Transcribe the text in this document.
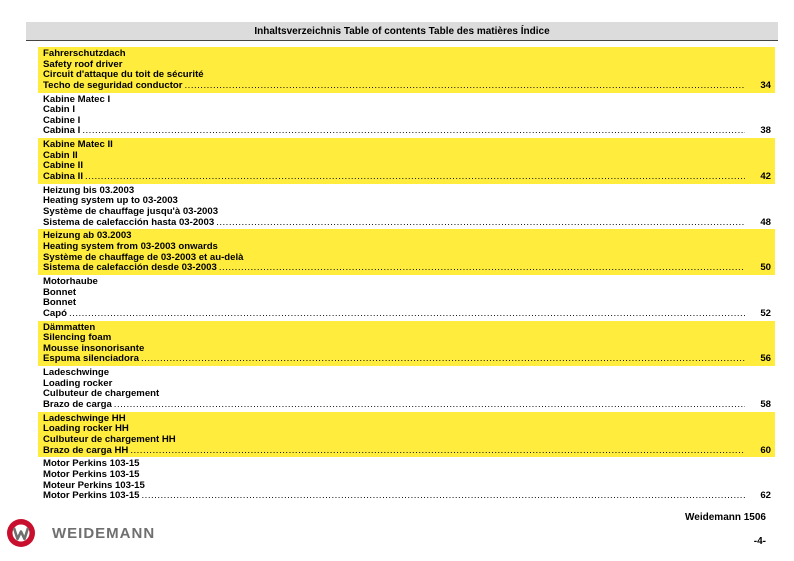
Inhaltsverzeichnis Table of contents Table des matières Índice
Fahrerschutzdach
Safety roof driver
Circuit d'attaque du toit de sécurité
Techo de seguridad conductor .....	34
Kabine Matec I
Cabin I
Cabine I
Cabina I .....	38
Kabine Matec II
Cabin II
Cabine II
Cabina II .....	42
Heizung bis 03.2003
Heating system up to 03-2003
Système de chauffage jusqu'à 03-2003
Sistema de calefacción hasta 03-2003 .....	48
Heizung ab 03.2003
Heating system from 03-2003 onwards
Système de chauffage de 03-2003 et au-delà
Sistema de calefacción desde 03-2003 .....	50
Motorhaube
Bonnet
Bonnet
Capó .....	52
Dämmatten
Silencing foam
Mousse insonorisante
Espuma silenciadora .....	56
Ladeschwinge
Loading rocker
Culbuteur de chargement
Brazo de carga .....	58
Ladeschwinge HH
Loading rocker HH
Culbuteur de chargement HH
Brazo de carga HH .....	60
Motor Perkins 103-15
Motor Perkins 103-15
Moteur Perkins 103-15
Motor Perkins 103-15 .....	62
WEIDEMANN
Weidemann 1506
-4-
